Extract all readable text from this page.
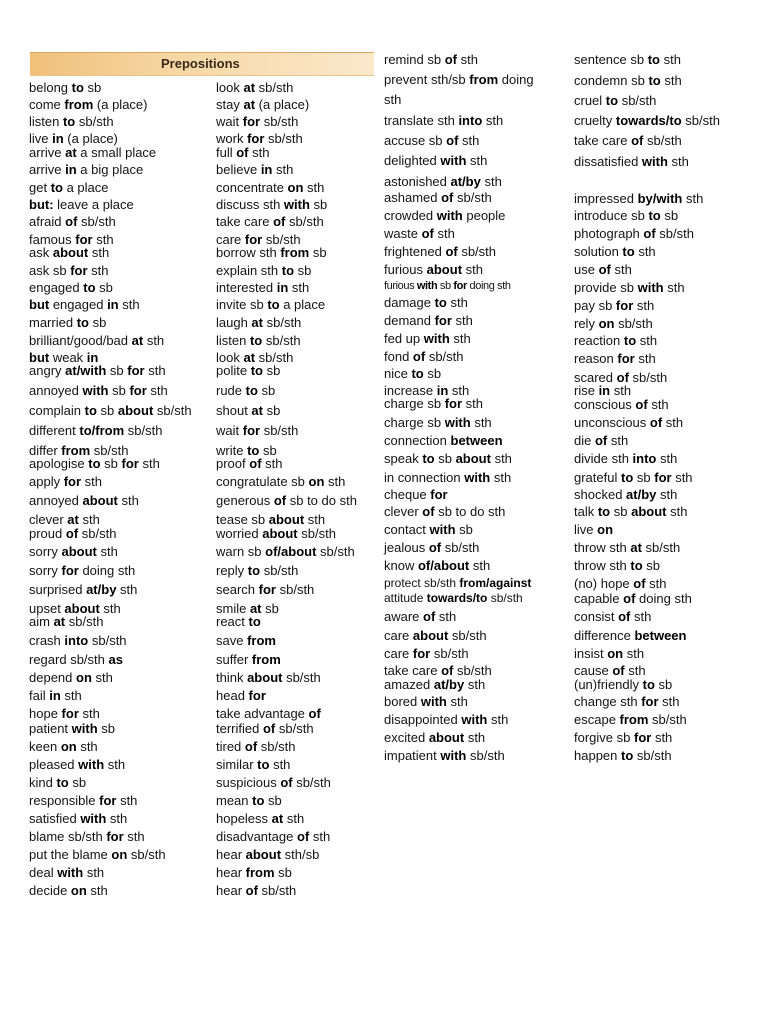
Prepositions
belong to sb
come from (a place)
listen to sb/sth
live in (a place)
arrive at a small place
arrive in a big place
get to a place
but: leave a place
afraid of sb/sth
famous for sth
ask about sth
ask sb for sth
engaged to sb
but engaged in sth
married to sb
brilliant/good/bad at sth
but weak in
angry at/with sb for sth
annoyed with sb for sth
complain to sb about sb/sth
different to/from sb/sth
differ from sb/sth
apologise to sb for sth
apply for sth
annoyed about sth
clever at sth
proud of sb/sth
sorry about sth
sorry for doing sth
surprised at/by sth
upset about sth
aim at sb/sth
crash into sb/sth
regard sb/sth as
depend on sth
fail in sth
hope for sth
patient with sb
keen on sth
pleased with sth
kind to sb
responsible for sth
satisfied with sth
blame sb/sth for sth
put the blame on sb/sth
deal with sth
decide on sth
look at sb/sth
stay at (a place)
wait for sb/sth
work for sb/sth
full of sth
believe in sth
concentrate on sth
discuss sth with sb
take care of sb/sth
care for sb/sth
borrow sth from sb
explain sth to sb
interested in sth
invite sb to a place
laugh at sb/sth
listen to sb/sth
look at sb/sth
polite to sb
rude to sb
shout at sb
wait for sb/sth
write to sb
proof of sth
congratulate sb on sth
generous of sb to do sth
tease sb about sth
worried about sb/sth
warn sb of/about sb/sth
reply to sb/sth
search for sb/sth
smile at sb
react to
save from
suffer from
think about sb/sth
head for
take advantage of
terrified of sb/sth
tired of sb/sth
similar to sth
suspicious of sb/sth
mean to sb
hopeless at sth
disadvantage of sth
hear about sth/sb
hear from sb
hear of sb/sth
remind sb of sth
prevent sth/sb from doing
sth
translate sth into sth
accuse sb of sth
delighted with sth
astonished at/by sth
ashamed of sb/sth
crowded with people
waste of sth
frightened of sb/sth
furious about sth
furious with sb for doing sth
damage to sth
demand for sth
fed up with sth
fond of sb/sth
nice to sb
increase in sth
charge sb for sth
charge sb with sth
connection between
speak to sb about sth
in connection with sth
cheque for
clever of sb to do sth
contact with sb
jealous of sb/sth
know of/about sth
protect sb/sth from/against
attitude towards/to sb/sth
aware of sth
care about sb/sth
care for sb/sth
take care of sb/sth
amazed at/by sth
bored with sth
disappointed with sth
excited about sth
impatient with sb/sth
sentence sb to sth
condemn sb to sth
cruel to sb/sth
cruelty towards/to sb/sth
take care of sb/sth
dissatisfied with sth
impressed by/with sth
introduce sb to sb
photograph of sb/sth
solution to sth
use of sth
provide sb with sth
pay sb for sth
rely on sb/sth
reaction to sth
reason for sth
scared of sb/sth
rise in sth
conscious of sth
unconscious of sth
die of sth
divide sth into sth
grateful to sb for sth
shocked at/by sth
talk to sb about sth
live on
throw sth at sb/sth
throw sth to sb
(no) hope of sth
capable of doing sth
consist of sth
difference between
insist on sth
cause of sth
(un)friendly to sb
change sth for sth
escape from sb/sth
forgive sb for sth
happen to sb/sth
